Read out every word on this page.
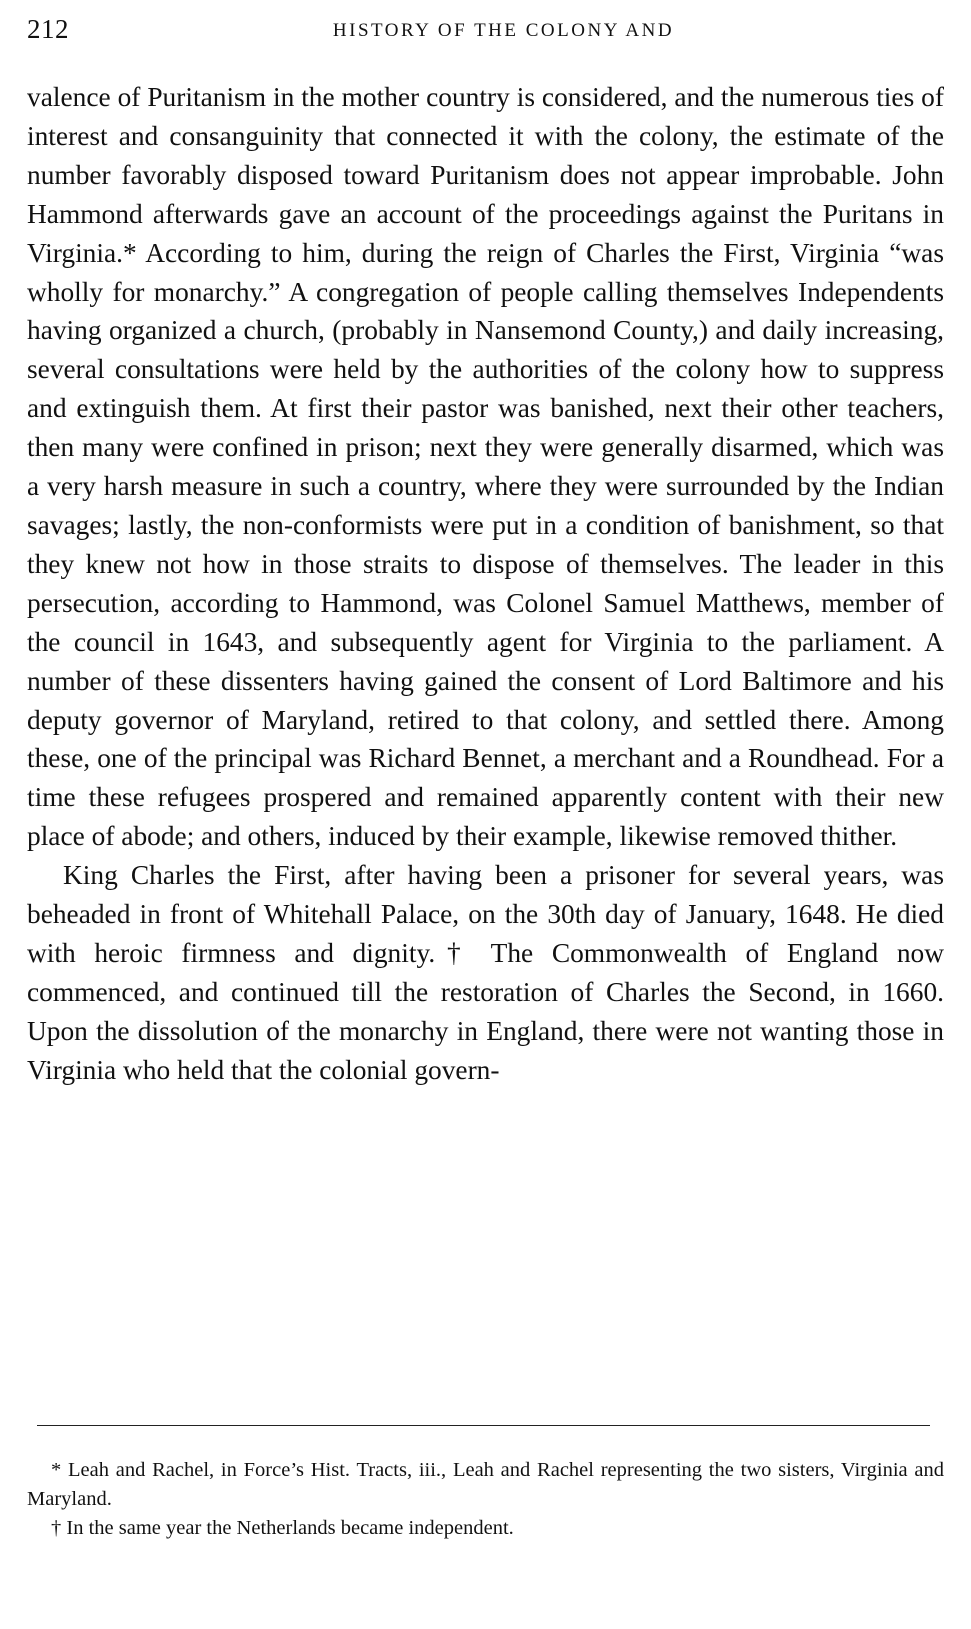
212	HISTORY OF THE COLONY AND

valence of Puritanism in the mother country is considered, and the numerous ties of interest and consanguinity that connected it with the colony, the estimate of the number favorably disposed toward Puritanism does not appear improbable. John Hammond afterwards gave an account of the proceedings against the Puritans in Virginia.* According to him, during the reign of Charles the First, Virginia “was wholly for monarchy.” A congregation of people calling themselves Independents having organized a church, (probably in Nansemond County,) and daily increasing, several consultations were held by the authorities of the colony how to suppress and extinguish them. At first their pastor was banished, next their other teachers, then many were confined in prison; next they were generally disarmed, which was a very harsh measure in such a country, where they were surrounded by the Indian savages; lastly, the non-conformists were put in a condition of banishment, so that they knew not how in those straits to dispose of themselves. The leader in this persecution, according to Hammond, was Colonel Samuel Matthews, member of the council in 1643, and subsequently agent for Virginia to the parliament. A number of these dissenters having gained the consent of Lord Baltimore and his deputy governor of Maryland, retired to that colony, and settled there. Among these, one of the principal was Richard Bennet, a merchant and a Roundhead. For a time these refugees prospered and remained apparently content with their new place of abode; and others, induced by their example, likewise removed thither.

King Charles the First, after having been a prisoner for several years, was beheaded in front of Whitehall Palace, on the 30th day of January, 1648. He died with heroic firmness and dignity.† The Commonwealth of England now commenced, and continued till the restoration of Charles the Second, in 1660. Upon the dissolution of the monarchy in England, there were not wanting those in Virginia who held that the colonial govern-

* Leah and Rachel, in Force’s Hist. Tracts, iii., Leah and Rachel representing the two sisters, Virginia and Maryland.

† In the same year the Netherlands became independent.
